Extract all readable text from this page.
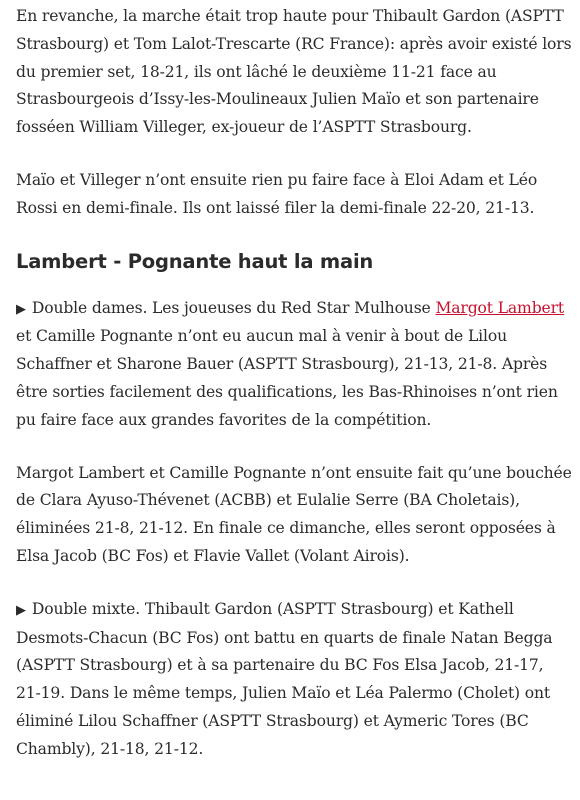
En revanche, la marche était trop haute pour Thibault Gardon (ASPTT Strasbourg) et Tom Lalot-Trescarte (RC France): après avoir existé lors du premier set, 18-21, ils ont lâché le deuxième 11-21 face au Strasbourgeois d’Issy-les-Moulineaux Julien Maïo et son partenaire fosséen William Villeger, ex-joueur de l’ASPTT Strasbourg.

Maïo et Villeger n’ont ensuite rien pu faire face à Eloi Adam et Léo Rossi en demi-finale. Ils ont laissé filer la demi-finale 22-20, 21-13.

Lambert - Pognante haut la main

▶ Double dames. Les joueuses du Red Star Mulhouse Margot Lambert et Camille Pognante n’ont eu aucun mal à venir à bout de Lilou Schaffner et Sharone Bauer (ASPTT Strasbourg), 21-13, 21-8. Après être sorties facilement des qualifications, les Bas-Rhinoises n’ont rien pu faire face aux grandes favorites de la compétition.

Margot Lambert et Camille Pognante n’ont ensuite fait qu’une bouchée de Clara Ayuso-Thévenet (ACBB) et Eulalie Serre (BA Choletais), éliminées 21-8, 21-12. En finale ce dimanche, elles seront opposées à Elsa Jacob (BC Fos) et Flavie Vallet (Volant Airois).

▶ Double mixte. Thibault Gardon (ASPTT Strasbourg) et Kathell Desmots-Chacun (BC Fos) ont battu en quarts de finale Natan Begga (ASPTT Strasbourg) et à sa partenaire du BC Fos Elsa Jacob, 21-17, 21-19. Dans le même temps, Julien Maïo et Léa Palermo (Cholet) ont éliminé Lilou Schaffner (ASPTT Strasbourg) et Aymeric Tores (BC Chambly), 21-18, 21-12.
